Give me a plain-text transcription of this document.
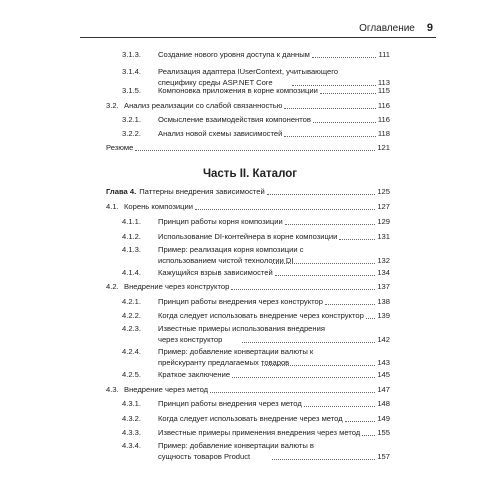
Оглавление 9
Часть II. Каталог
3.1.3.	Создание нового уровня доступа к данным	111
3.1.4.	Реализация адаптера IUserContext, учитывающего специфику среды ASP.NET Core	113
3.1.5.	Компоновка приложения в корне композиции	115
3.2. Анализ реализации со слабой связанностью	116
3.2.1.	Осмысление взаимодействия компонентов	116
3.2.2.	Анализ новой схемы зависимостей	118
Резюме	121
Глава 4. Паттерны внедрения зависимостей	125
4.1. Корень композиции	127
4.1.1.	Принцип работы корня композиции	129
4.1.2.	Использование DI-контейнера в корне композиции	131
4.1.3.	Пример: реализация корня композиции с использованием чистой технологии DI	132
4.1.4.	Кажущийся взрыв зависимостей	134
4.2. Внедрение через конструктор	137
4.2.1.	Принцип работы внедрения через конструктор	138
4.2.2.	Когда следует использовать внедрение через конструктор 139
4.2.3.	Известные примеры использования внедрения через конструктор	142
4.2.4.	Пример: добавление конвертации валюты к прейскуранту предлагаемых товаров	143
4.2.5.	Краткое заключение	145
4.3. Внедрение через метод	147
4.3.1.	Принцип работы внедрения через метод	148
4.3.2.	Когда следует использовать внедрение через метод	149
4.3.3.	Известные примеры применения внедрения через метод 155
4.3.4.	Пример: добавление конвертации валюты в сущность товаров Product	157
